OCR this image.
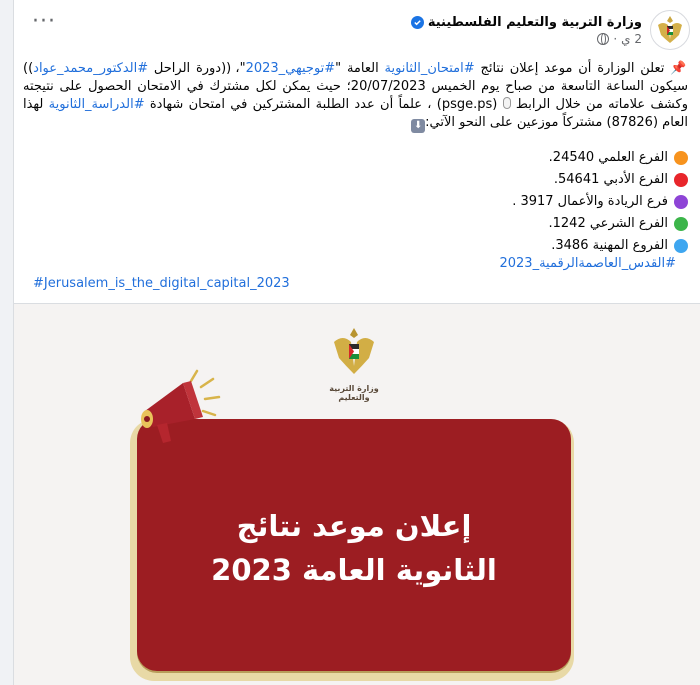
···	وزارة التربية والتعليم الفلسطينية
2 ي
·
📌 تعلن الوزارة أن موعد إعلان نتائج #امتحان_الثانوية العامة "#توجيهي_2023"، ((دورة الراحل #الدكتور_محمد_عواد)) سيكون الساعة التاسعة من صباح يوم الخميس 20/07/2023؛ حيث يمكن لكل مشترك في الامتحان الحصول على نتيجته وكشف علاماته من خلال الرابط  (psge.ps) ، علماً أن عدد الطلبة المشتركين في امتحان شهادة #الدراسة_الثانوية لهذا العام (87826) مشتركاً موزعين على النحو الآتي:⬇
الفرع العلمي 24540.
الفرع الأدبي 54641.
فرع الريادة والأعمال 3917 .
الفرع الشرعي 1242.
الفروع المهنية 3486.
#القدس_العاصمة‌الرقمية_2023
#Jerusalem_is_the_digital_capital_2023
وزارة التربية والتعليم
إعلان موعد نتائج
الثانوية العامة 2023
